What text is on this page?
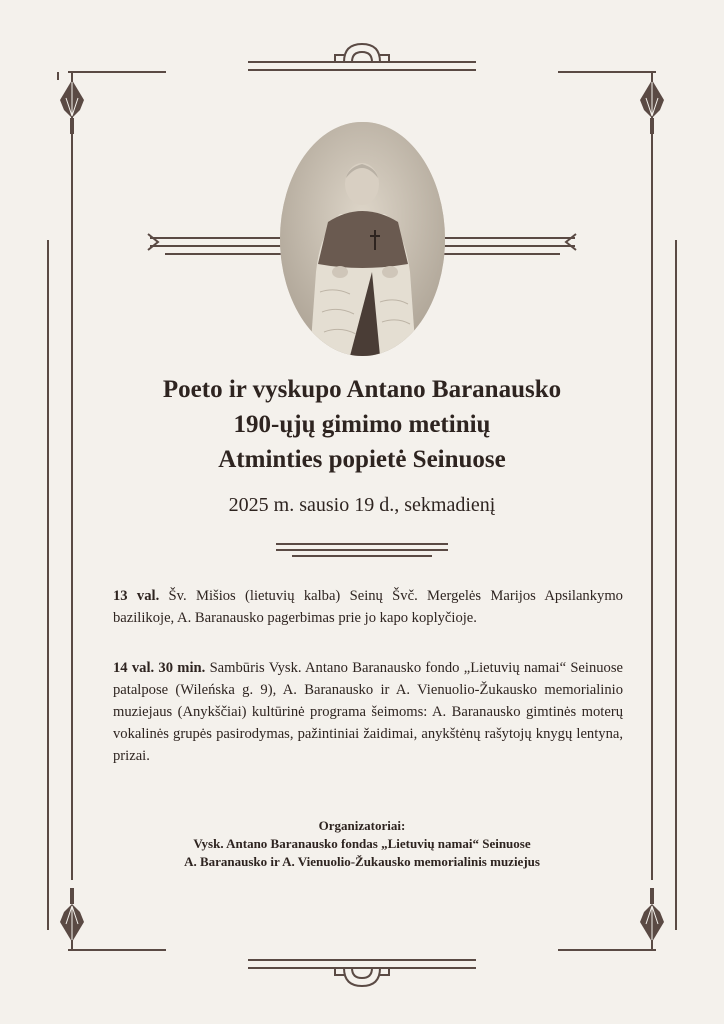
Poeto ir vyskupo Antano Baranausko
190-ųjų gimimo metinių
Atminties popietė Seinuose
2025 m. sausio 19 d., sekmadienį
13 val. Šv. Mišios (lietuvių kalba) Seinų Švč. Mergelės Marijos Apsilankymo bazilikoje, A. Baranausko pagerbimas prie jo kapo koplyčioje.
14 val. 30 min. Sambūris Vysk. Antano Baranausko fondo „Lietuvių namai“ Seinuose patalpose (Wileńska g. 9), A. Baranausko ir A. Vienuolio-Žukausko memorialinio muziejaus (Anykščiai) kultūrinė programa šeimoms: A. Baranausko gimtinės moterų vokalinės grupės pasirodymas, pažintiniai žaidimai, anykštėnų rašytojų knygų lentyna, prizai.
Organizatoriai:
Vysk. Antano Baranausko fondas „Lietuvių namai“ Seinuose
A. Baranausko ir A. Vienuolio-Žukausko memorialinis muziejus
